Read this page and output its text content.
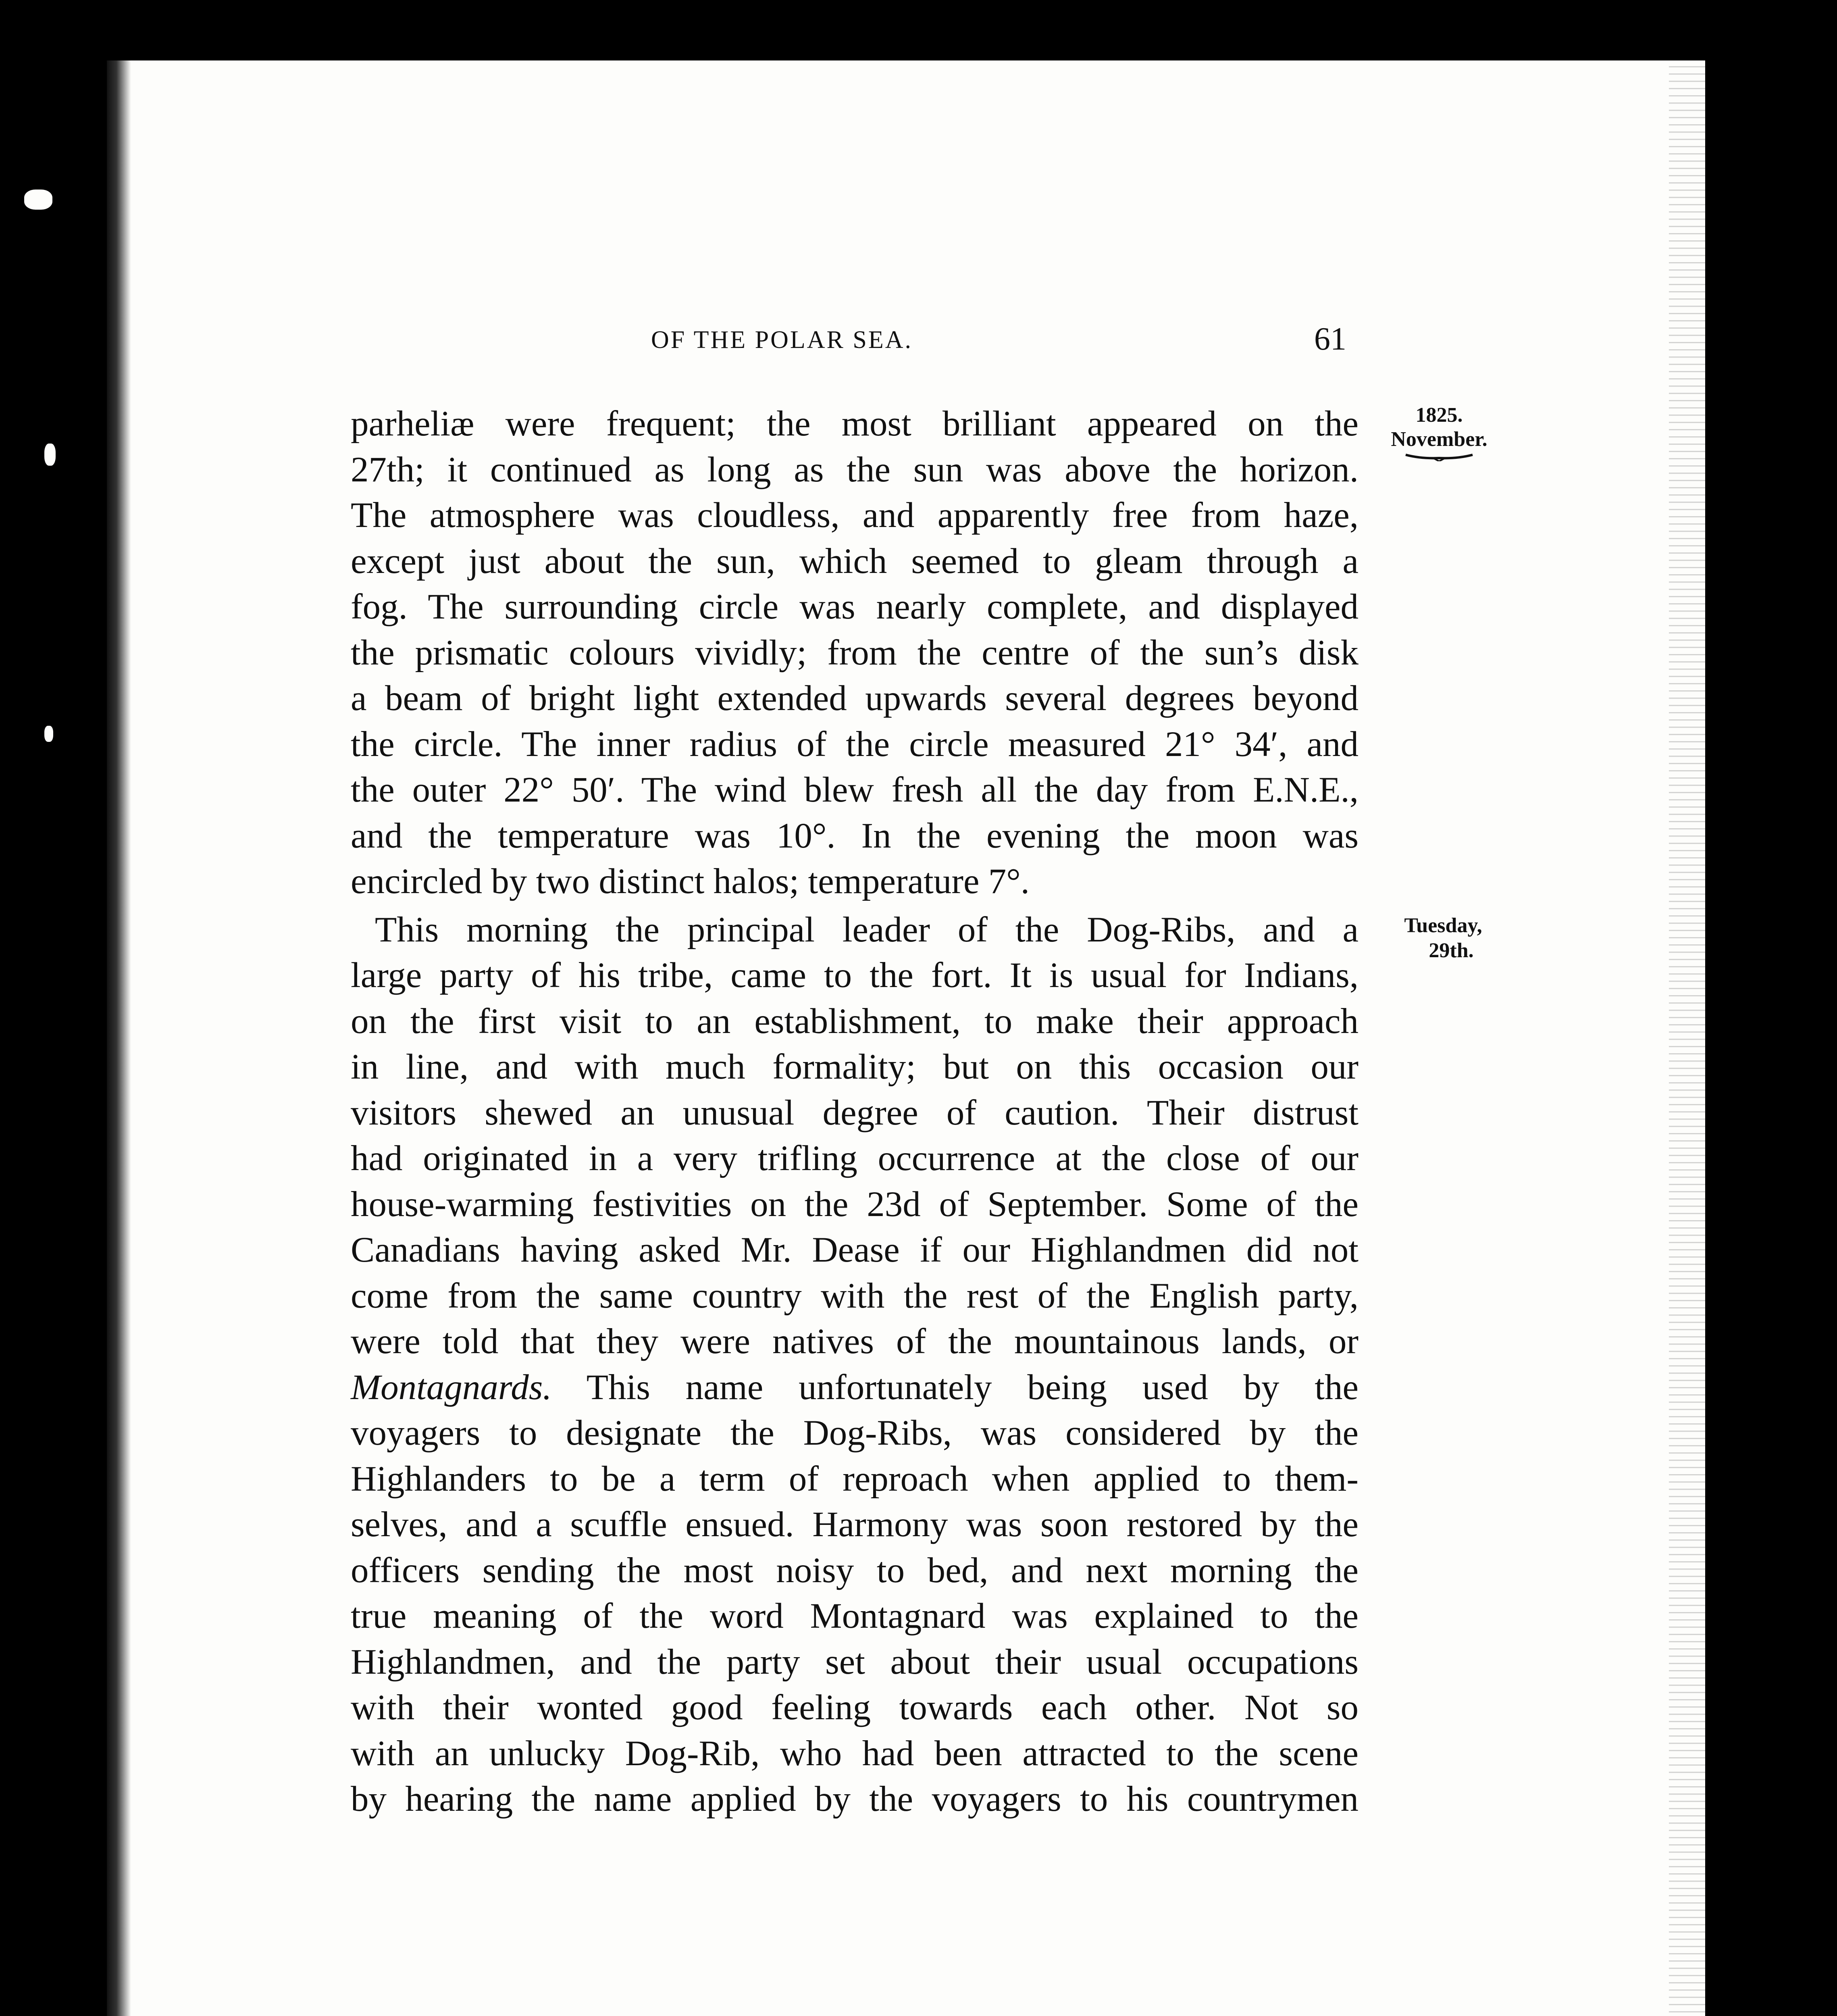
OF THE POLAR SEA.	61
1825.
November.
Tuesday,
29th.
parheliæ were frequent; the most brilliant appeared on the
27th; it continued as long as the sun was above the horizon.
The atmosphere was cloudless, and apparently free from haze,
except just about the sun, which seemed to gleam through a
fog. The surrounding circle was nearly complete, and displayed
the prismatic colours vividly; from the centre of the sun’s disk
a beam of bright light extended upwards several degrees beyond
the circle. The inner radius of the circle measured 21° 34′, and
the outer 22° 50′. The wind blew fresh all the day from E.N.E.,
and the temperature was 10°. In the evening the moon was
encircled by two distinct halos; temperature 7°.
This morning the principal leader of the Dog-Ribs, and a
large party of his tribe, came to the fort. It is usual for Indians,
on the first visit to an establishment, to make their approach
in line, and with much formality; but on this occasion our
visitors shewed an unusual degree of caution. Their distrust
had originated in a very trifling occurrence at the close of our
house-warming festivities on the 23d of September. Some of the
Canadians having asked Mr. Dease if our Highlandmen did not
come from the same country with the rest of the English party,
were told that they were natives of the mountainous lands, or
Montagnards. This name unfortunately being used by the
voyagers to designate the Dog-Ribs, was considered by the
Highlanders to be a term of reproach when applied to them-
selves, and a scuffle ensued. Harmony was soon restored by the
officers sending the most noisy to bed, and next morning the
true meaning of the word Montagnard was explained to the
Highlandmen, and the party set about their usual occupations
with their wonted good feeling towards each other. Not so
with an unlucky Dog-Rib, who had been attracted to the scene
by hearing the name applied by the voyagers to his countrymen
